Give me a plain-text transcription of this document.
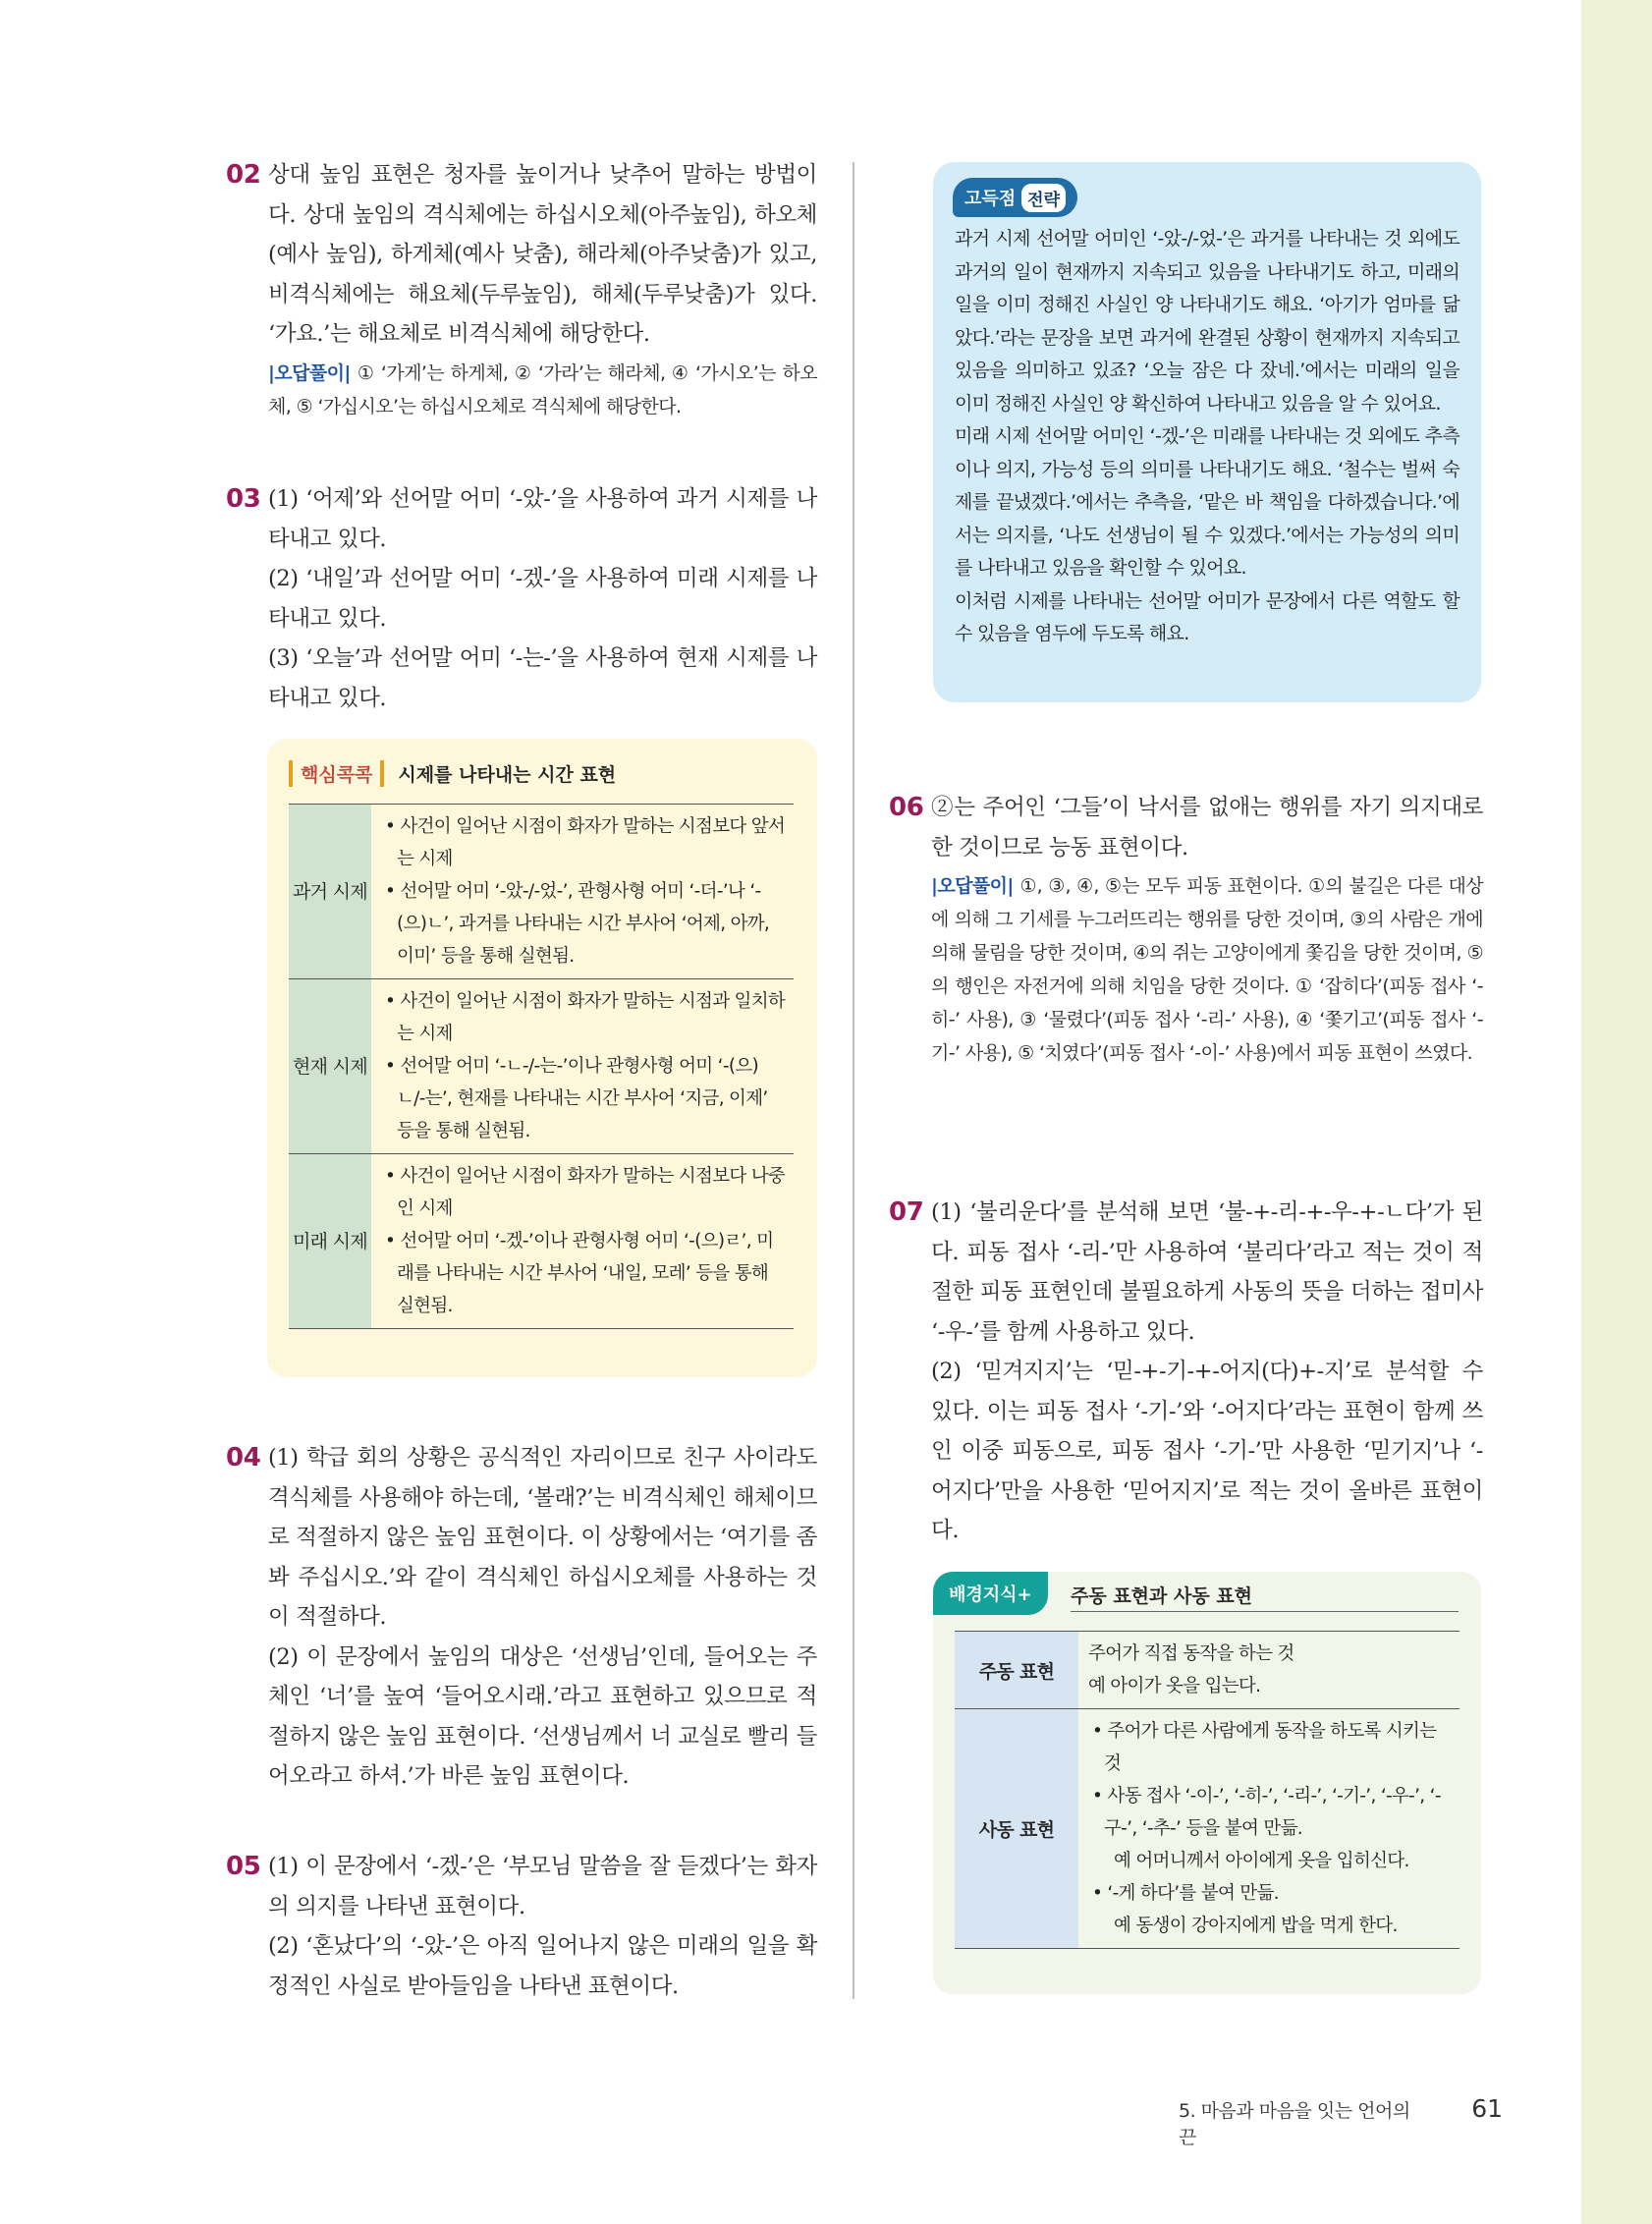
02 상대 높임 표현은 청자를 높이거나 낮추어 말하는 방법이다. 상대 높임의 격식체에는 하십시오체(아주높임), 하오체(예사 높임), 하게체(예사 낮춤), 해라체(아주낮춤)가 있고, 비격식체에는 해요체(두루높임), 해체(두루낮춤)가 있다. ‘가요.’는 해요체로 비격식체에 해당한다.

|오답풀이| ① ‘가게’는 하게체, ② ‘가라’는 해라체, ④ ‘가시오’는 하오체, ⑤ ‘가십시오’는 하십시오체로 격식체에 해당한다.

03 (1) ‘어제’와 선어말 어미 ‘-았-’을 사용하여 과거 시제를 나타내고 있다.

(2) ‘내일’과 선어말 어미 ‘-겠-’을 사용하여 미래 시제를 나타내고 있다.

(3) ‘오늘’과 선어말 어미 ‘-는-’을 사용하여 현재 시제를 나타내고 있다.

핵심콕콕	시제를 나타내는 시간 표현
과거 시제	• 사건이 일어난 시점이 화자가 말하는 시점보다 앞서는 시제
• 선어말 어미 ‘-았-/-었-’, 관형사형 어미 ‘-더-’나 ‘-(으)ㄴ’, 과거를 나타내는 시간 부사어 ‘어제, 아까, 이미’ 등을 통해 실현됨.

현재 시제	• 사건이 일어난 시점이 화자가 말하는 시점과 일치하는 시제
• 선어말 어미 ‘-ㄴ-/-는-’이나 관형사형 어미 ‘-(으)ㄴ/-는’, 현재를 나타내는 시간 부사어 ‘지금, 이제’ 등을 통해 실현됨.

미래 시제	• 사건이 일어난 시점이 화자가 말하는 시점보다 나중인 시제
• 선어말 어미 ‘-겠-’이나 관형사형 어미 ‘-(으)ㄹ’, 미래를 나타내는 시간 부사어 ‘내일, 모레’ 등을 통해 실현됨.
04 (1) 학급 회의 상황은 공식적인 자리이므로 친구 사이라도 격식체를 사용해야 하는데, ‘볼래?’는 비격식체인 해체이므로 적절하지 않은 높임 표현이다. 이 상황에서는 ‘여기를 좀 봐 주십시오.’와 같이 격식체인 하십시오체를 사용하는 것이 적절하다.

(2) 이 문장에서 높임의 대상은 ‘선생님’인데, 들어오는 주체인 ‘너’를 높여 ‘들어오시래.’라고 표현하고 있으므로 적절하지 않은 높임 표현이다. ‘선생님께서 너 교실로 빨리 들어오라고 하셔.’가 바른 높임 표현이다.

05 (1) 이 문장에서 ‘-겠-’은 ‘부모님 말씀을 잘 듣겠다’는 화자의 의지를 나타낸 표현이다.

(2) ‘혼났다’의 ‘-았-’은 아직 일어나지 않은 미래의 일을 확정적인 사실로 받아들임을 나타낸 표현이다.

고득점 전략

과거 시제 선어말 어미인 ‘-았-/-었-’은 과거를 나타내는 것 외에도 과거의 일이 현재까지 지속되고 있음을 나타내기도 하고, 미래의 일을 이미 정해진 사실인 양 나타내기도 해요. ‘아기가 엄마를 닮았다.’라는 문장을 보면 과거에 완결된 상황이 현재까지 지속되고 있음을 의미하고 있죠? ‘오늘 잠은 다 잤네.’에서는 미래의 일을 이미 정해진 사실인 양 확신하여 나타내고 있음을 알 수 있어요.

미래 시제 선어말 어미인 ‘-겠-’은 미래를 나타내는 것 외에도 추측이나 의지, 가능성 등의 의미를 나타내기도 해요. ‘철수는 벌써 숙제를 끝냈겠다.’에서는 추측을, ‘맡은 바 책임을 다하겠습니다.’에서는 의지를, ‘나도 선생님이 될 수 있겠다.’에서는 가능성의 의미를 나타내고 있음을 확인할 수 있어요.

이처럼 시제를 나타내는 선어말 어미가 문장에서 다른 역할도 할 수 있음을 염두에 두도록 해요.

06 ②는 주어인 ‘그들’이 낙서를 없애는 행위를 자기 의지대로 한 것이므로 능동 표현이다.

|오답풀이| ①, ③, ④, ⑤는 모두 피동 표현이다. ①의 불길은 다른 대상에 의해 그 기세를 누그러뜨리는 행위를 당한 것이며, ③의 사람은 개에 의해 물림을 당한 것이며, ④의 쥐는 고양이에게 쫓김을 당한 것이며, ⑤의 행인은 자전거에 의해 치임을 당한 것이다. ① ‘잡히다’(피동 접사 ‘-히-’ 사용), ③ ‘물렸다’(피동 접사 ‘-리-’ 사용), ④ ‘쫓기고’(피동 접사 ‘-기-’ 사용), ⑤ ‘치였다’(피동 접사 ‘-이-’ 사용)에서 피동 표현이 쓰였다.

07 (1) ‘불리운다’를 분석해 보면 ‘불-+-리-+-우-+-ㄴ다’가 된다. 피동 접사 ‘-리-’만 사용하여 ‘불리다’라고 적는 것이 적절한 피동 표현인데 불필요하게 사동의 뜻을 더하는 접미사 ‘-우-’를 함께 사용하고 있다.

(2) ‘믿겨지지’는 ‘믿-+-기-+-어지(다)+-지’로 분석할 수 있다. 이는 피동 접사 ‘-기-’와 ‘-어지다’라는 표현이 함께 쓰인 이중 피동으로, 피동 접사 ‘-기-’만 사용한 ‘믿기지’나 ‘-어지다’만을 사용한 ‘믿어지지’로 적는 것이 올바른 표현이다.

배경지식+	주동 표현과 사동 표현
주동 표현	주어가 직접 동작을 하는 것
예 아이가 옷을 입는다.

사동 표현	• 주어가 다른 사람에게 동작을 하도록 시키는 것
• 사동 접사 ‘-이-’, ‘-히-’, ‘-리-’, ‘-기-’, ‘-우-’, ‘-구-’, ‘-추-’ 등을 붙여 만듦.
예 어머니께서 아이에게 옷을 입히신다.
• ‘-게 하다’를 붙여 만듦.
예 동생이 강아지에게 밥을 먹게 한다.
5. 마음과 마음을 잇는 언어의 끈
61
